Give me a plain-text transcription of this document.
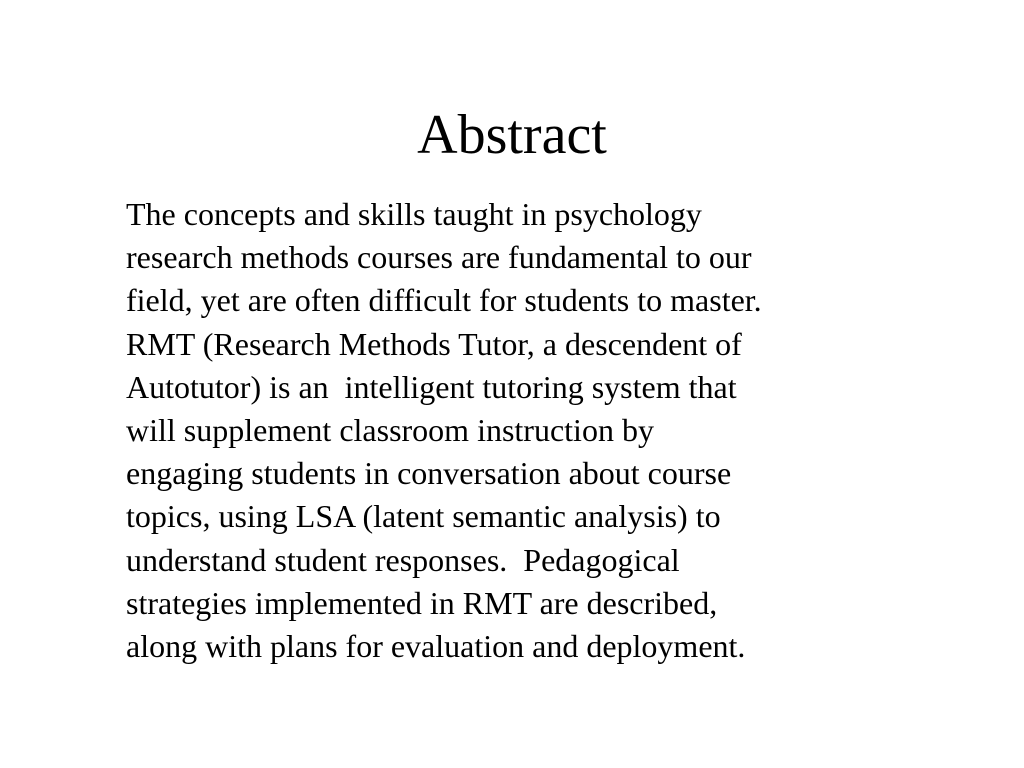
Abstract
The concepts and skills taught in psychology
research methods courses are fundamental to our
field, yet are often difficult for students to master.
RMT (Research Methods Tutor, a descendent of
Autotutor) is an  intelligent tutoring system that
will supplement classroom instruction by
engaging students in conversation about course
topics, using LSA (latent semantic analysis) to
understand student responses.  Pedagogical
strategies implemented in RMT are described,
along with plans for evaluation and deployment.
